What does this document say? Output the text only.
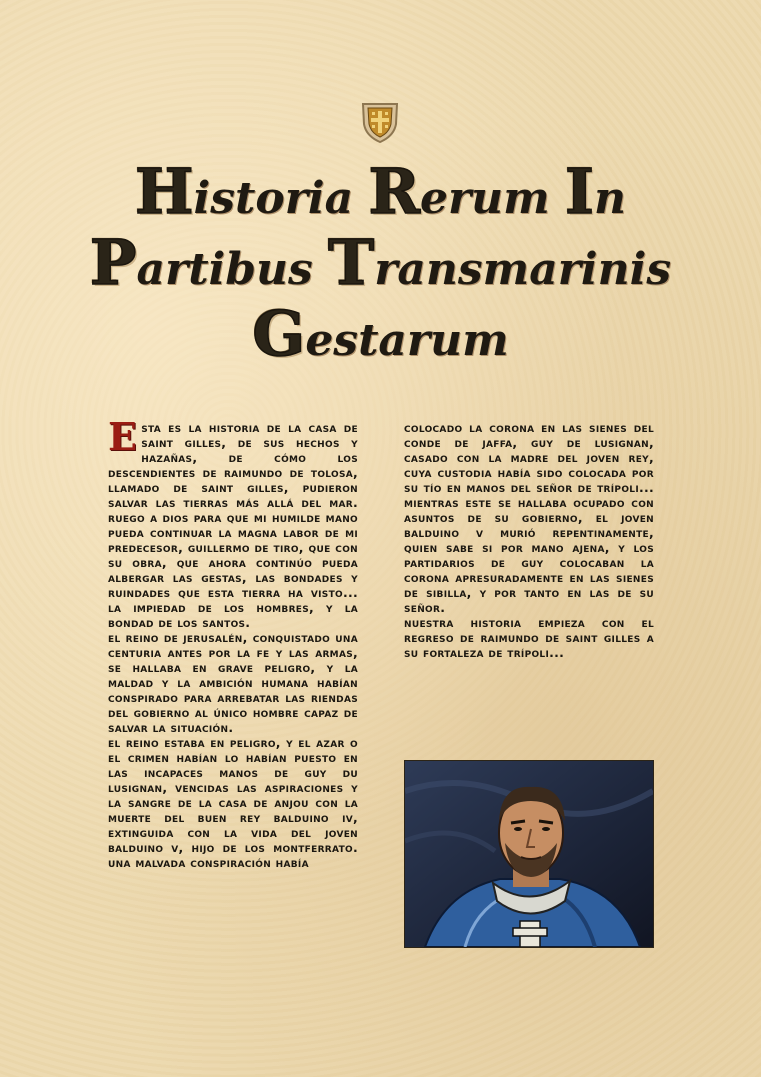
Historia Rerum In
Partibus Transmarinis
Gestarum

Esta es la historia de la casa de saint gilles, de sus hechos y hazañas, de cómo los descendientes de raimundo de tolosa, llamado de saint gilles, pudieron salvar las tierras más allá del mar. ruego a dios para que mi humilde mano pueda continuar la magna labor de mi predecesor, guillermo de tiro, que con su obra, que ahora continúo pueda albergar las gestas, las bondades y ruindades que esta tierra ha visto... la impiedad de los hombres, y la bondad de los santos.

el reino de jerusalén, conquistado una centuria antes por la fe y las armas, se hallaba en grave peligro, y la maldad y la ambición humana habían conspirado para arrebatar las riendas del gobierno al único hombre capaz de salvar la situación.

el reino estaba en peligro, y el azar o el crimen habían lo habían puesto en las incapaces manos de guy du lusignan, vencidas las aspiraciones y la sangre de la casa de anjou con la muerte del buen rey balduino iv, extinguida con la vida del joven balduino v, hijo de los montferrato. una malvada conspiración había

colocado la corona en las sienes del conde de jaffa, guy de lusignan, casado con la madre del joven rey, cuya custodia había sido colocada por su tío en manos del señor de trípoli... mientras este se hallaba ocupado con asuntos de su gobierno, el joven balduino v murió repentinamente, quien sabe si por mano ajena, y los partidarios de guy colocaban la corona apresuradamente en las sienes de sibilla, y por tanto en las de su señor.

nuestra historia empieza con el regreso de raimundo de saint gilles a su fortaleza de trípoli...
